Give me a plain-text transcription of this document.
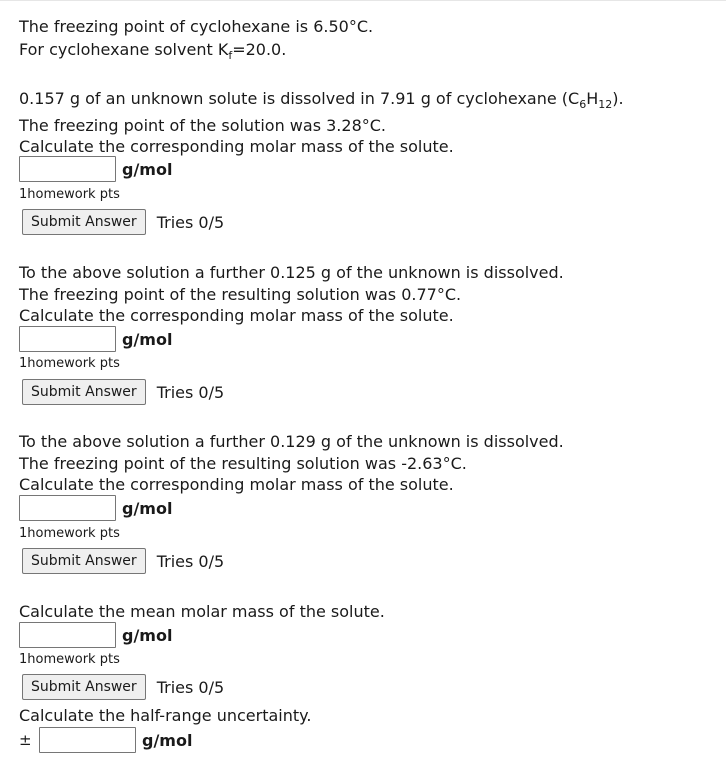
The freezing point of cyclohexane is 6.50°C.
For cyclohexane solvent $K_f=20.0$.
0.157 g of an unknown solute is dissolved in 7.91 g of cyclohexane $(C_6H_{12})$.
The freezing point of the solution was 3.28°C.
Calculate the corresponding molar mass of the solute.
g/mol
1homework pts
Submit Answer	Tries 0/5
To the above solution a further 0.125 g of the unknown is dissolved.
The freezing point of the resulting solution was 0.77°C.
Calculate the corresponding molar mass of the solute.
g/mol
1homework pts
Submit Answer	Tries 0/5
To the above solution a further 0.129 g of the unknown is dissolved.
The freezing point of the resulting solution was -2.63°C.
Calculate the corresponding molar mass of the solute.
g/mol
1homework pts
Submit Answer	Tries 0/5
Calculate the mean molar mass of the solute.
g/mol
1homework pts
Submit Answer	Tries 0/5
Calculate the half-range uncertainty.
±	g/mol
